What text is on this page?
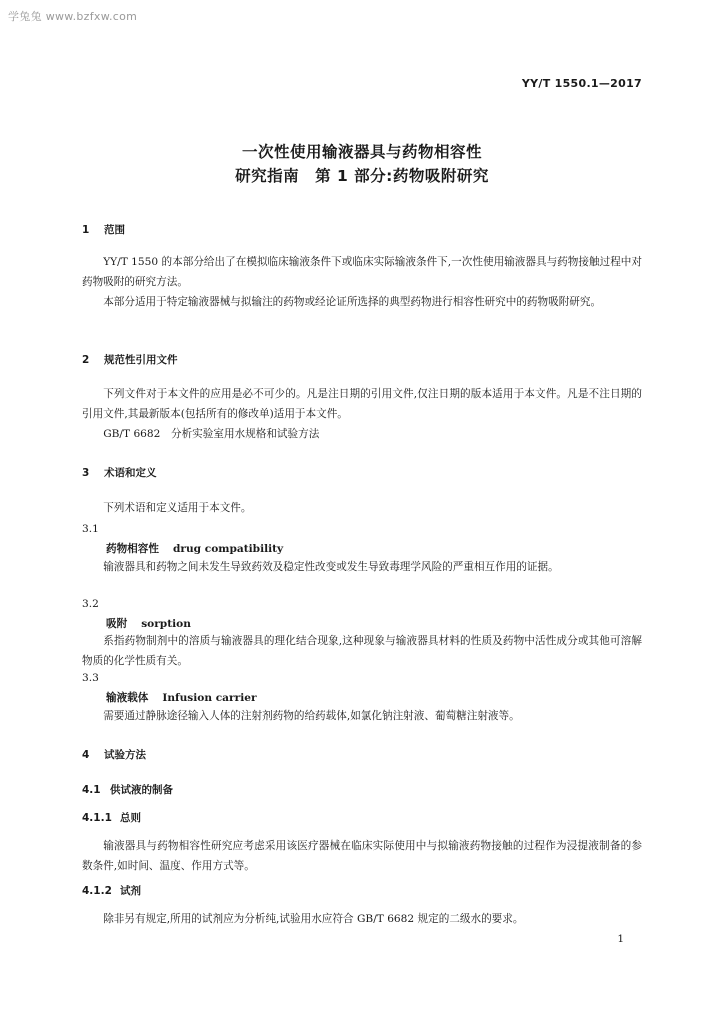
学兔兔 www.bzfxw.com
YY/T 1550.1—2017
一次性使用输液器具与药物相容性
研究指南　第 1 部分:药物吸附研究
1 范围

YY/T 1550 的本部分给出了在模拟临床输液条件下或临床实际输液条件下,一次性使用输液器具与药物接触过程中对药物吸附的研究方法。

本部分适用于特定输液器械与拟输注的药物或经论证所选择的典型药物进行相容性研究中的药物吸附研究。

2 规范性引用文件

下列文件对于本文件的应用是必不可少的。凡是注日期的引用文件,仅注日期的版本适用于本文件。凡是不注日期的引用文件,其最新版本(包括所有的修改单)适用于本文件。

GB/T 6682　分析实验室用水规格和试验方法

3 术语和定义

下列术语和定义适用于本文件。

3.1
药物相容性 drug compatibility

输液器具和药物之间未发生导致药效及稳定性改变或发生导致毒理学风险的严重相互作用的证据。

3.2
吸附 sorption

系指药物制剂中的溶质与输液器具的理化结合现象,这种现象与输液器具材料的性质及药物中活性成分或其他可溶解物质的化学性质有关。

3.3
输液载体 Infusion carrier

需要通过静脉途径输入人体的注射剂药物的给药载体,如氯化钠注射液、葡萄糖注射液等。

4 试验方法
4.1 供试液的制备
4.1.1 总则

输液器具与药物相容性研究应考虑采用该医疗器械在临床实际使用中与拟输液药物接触的过程作为浸提液制备的参数条件,如时间、温度、作用方式等。

4.1.2 试剂

除非另有规定,所用的试剂应为分析纯,试验用水应符合 GB/T 6682 规定的二级水的要求。

1
